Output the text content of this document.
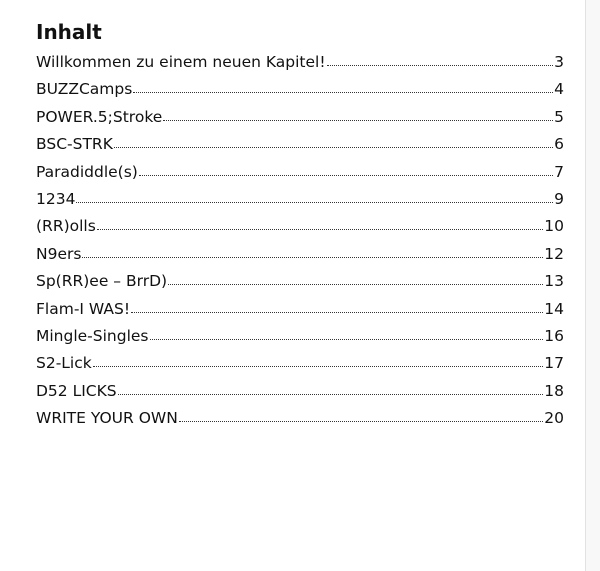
Inhalt
Willkommen zu einem neuen Kapitel!	3
BUZZCamps	4
POWER.5;Stroke	5
BSC-STRK	6
Paradiddle(s)	7
1234	9
(RR)olls	10
N9ers	12
Sp(RR)ee – BrrD)	13
Flam-I WAS!	14
Mingle-Singles	16
S2-Lick	17
D52 LICKS	18
WRITE YOUR OWN	20
